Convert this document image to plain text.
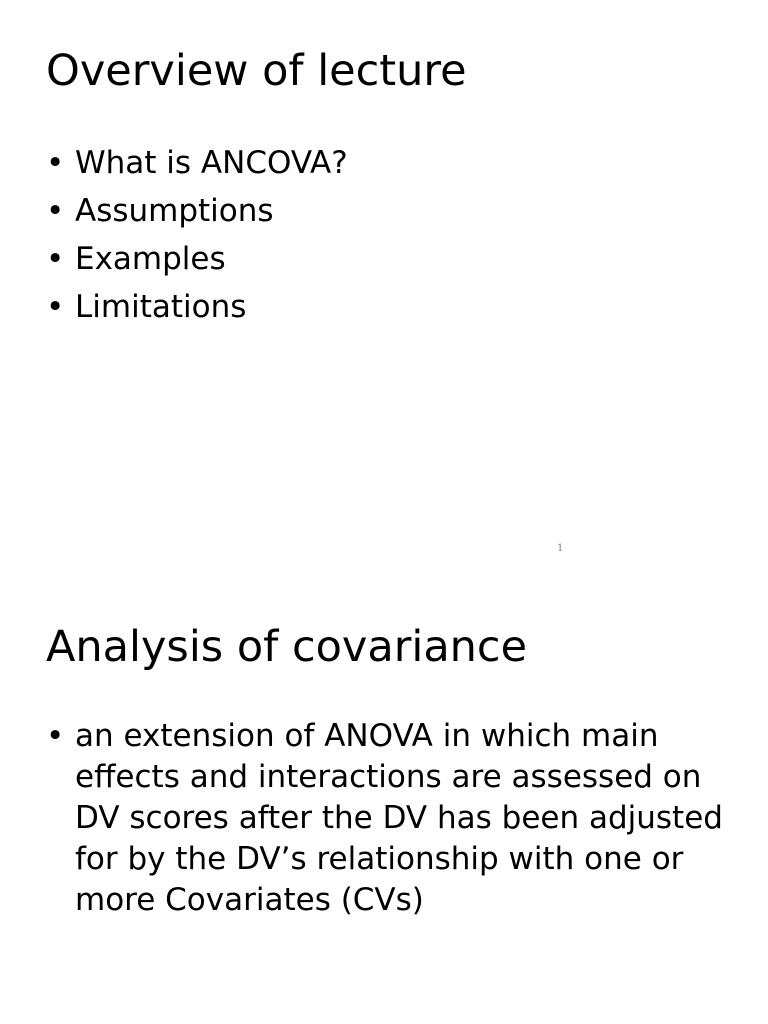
Overview of lecture
• What is ANCOVA?
• Assumptions
• Examples
• Limitations
1
Analysis of covariance
• an extension of ANOVA in which main effects and interactions are assessed on DV scores after the DV has been adjusted for by the DV’s relationship with one or more Covariates (CVs)
